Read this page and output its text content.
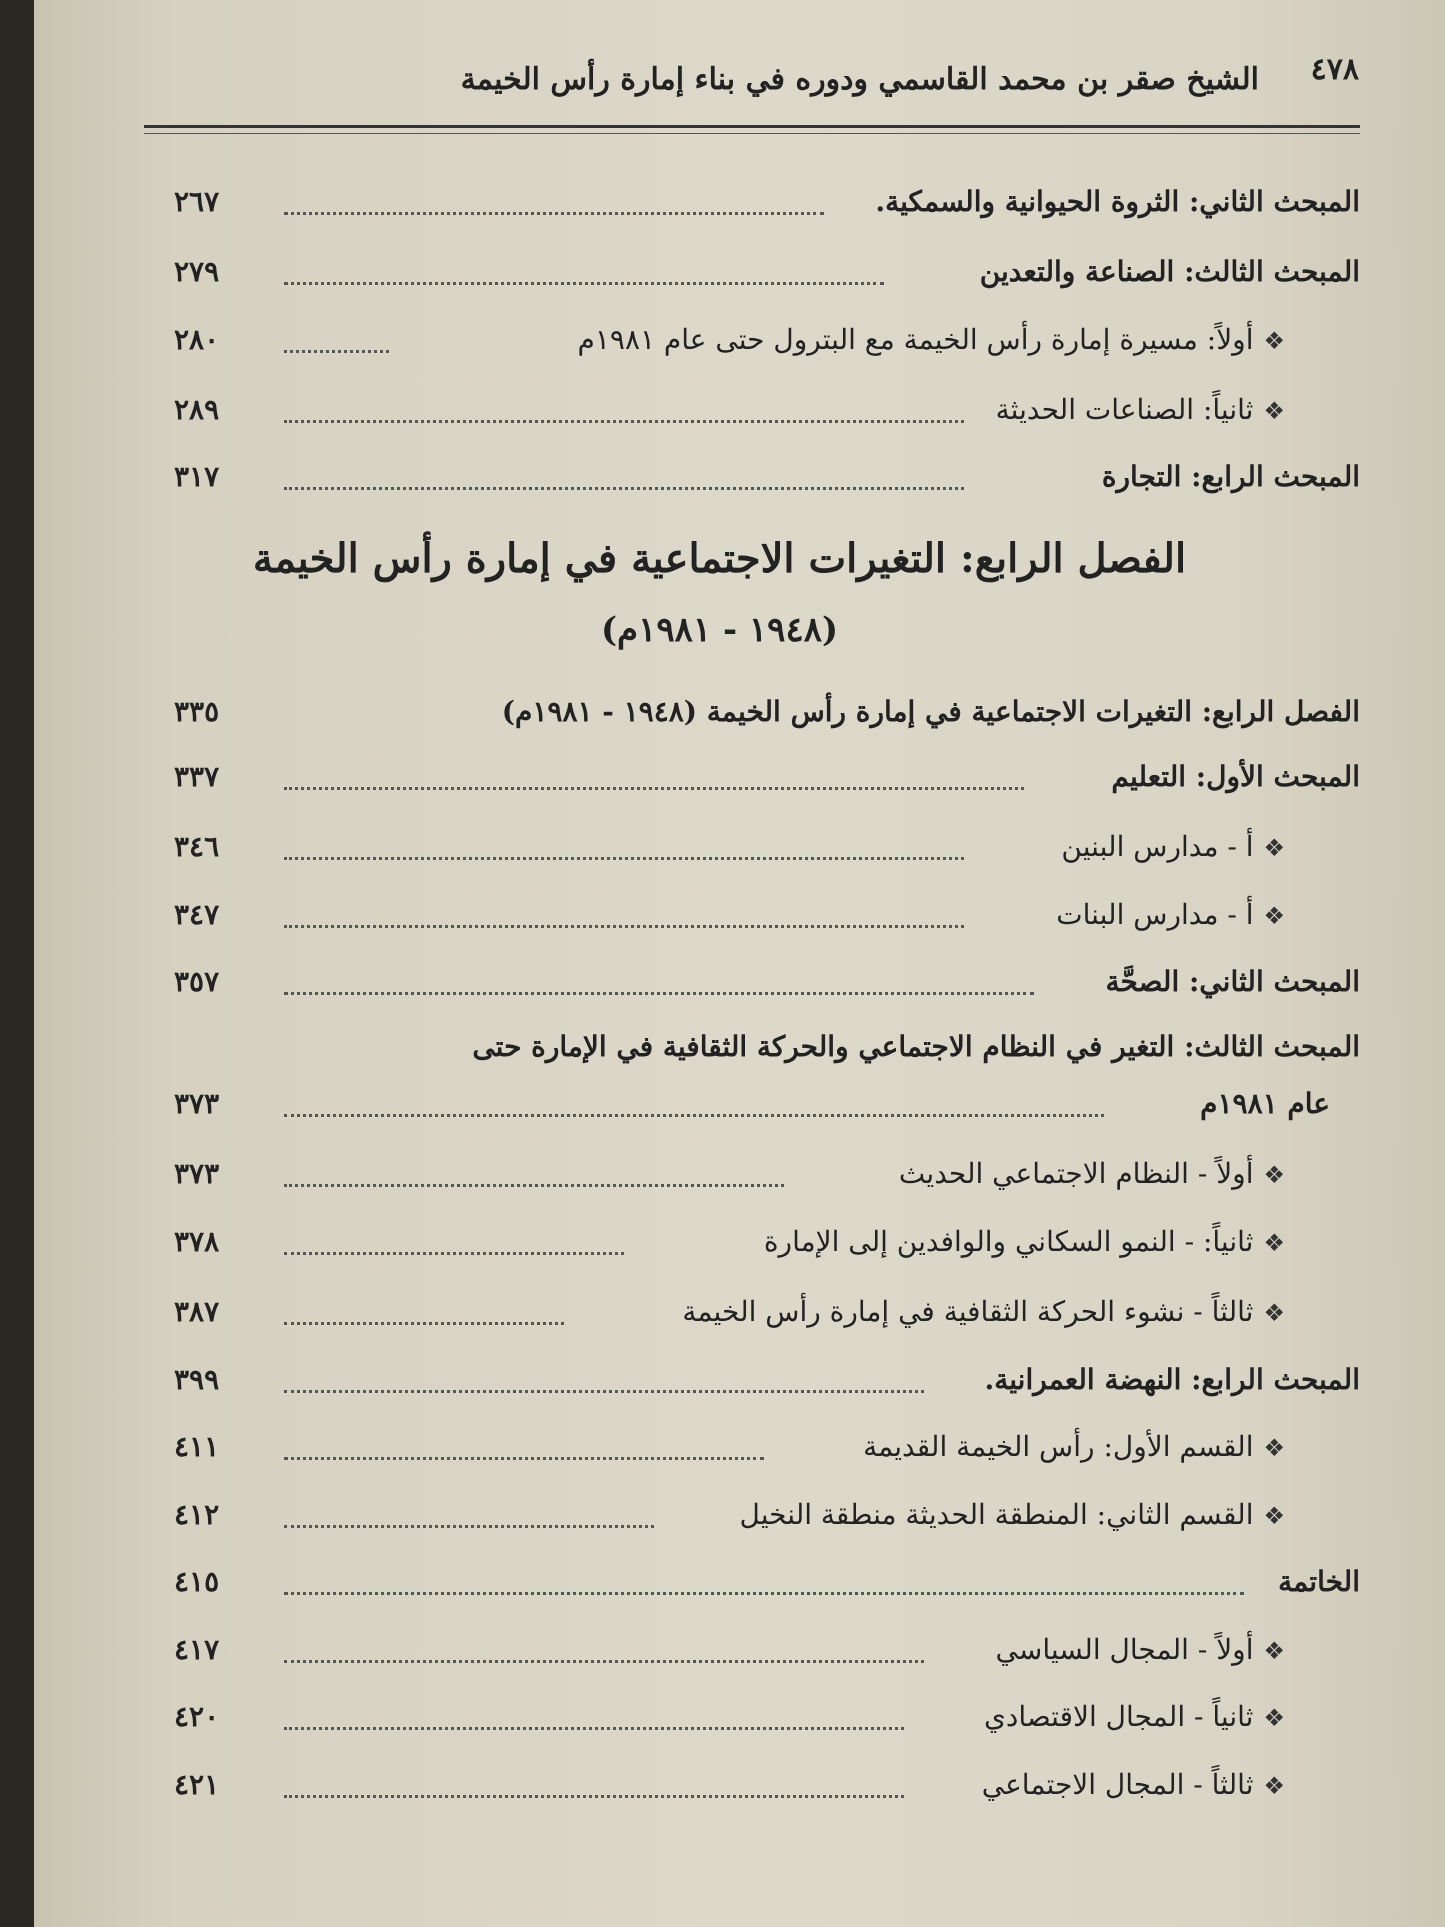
٤٧٨
الشيخ صقر بن محمد القاسمي ودوره في بناء إمارة رأس الخيمة
المبحث الثاني: الثروة الحيوانية والسمكية.
٢٦٧
المبحث الثالث: الصناعة والتعدين
٢٧٩
❖أولاً: مسيرة إمارة رأس الخيمة مع البترول حتى عام ١٩٨١م
٢٨٠
❖ثانياً: الصناعات الحديثة
٢٨٩
المبحث الرابع: التجارة
٣١٧
الفصل الرابع: التغيرات الاجتماعية في إمارة رأس الخيمة
(١٩٤٨ - ١٩٨١م)
الفصل الرابع: التغيرات الاجتماعية في إمارة رأس الخيمة (١٩٤٨ - ١٩٨١م)
٣٣٥
المبحث الأول: التعليم
٣٣٧
❖أ - مدارس البنين
٣٤٦
❖أ - مدارس البنات
٣٤٧
المبحث الثاني: الصحَّة
٣٥٧
المبحث الثالث: التغير في النظام الاجتماعي والحركة الثقافية في الإمارة حتى
عام ١٩٨١م
٣٧٣
❖أولاً - النظام الاجتماعي الحديث
٣٧٣
❖ثانياً: - النمو السكاني والوافدين إلى الإمارة
٣٧٨
❖ثالثاً - نشوء الحركة الثقافية في إمارة رأس الخيمة
٣٨٧
المبحث الرابع: النهضة العمرانية.
٣٩٩
❖القسم الأول: رأس الخيمة القديمة
٤١١
❖القسم الثاني: المنطقة الحديثة منطقة النخيل
٤١٢
الخاتمة
٤١٥
❖أولاً - المجال السياسي
٤١٧
❖ثانياً - المجال الاقتصادي
٤٢٠
❖ثالثاً - المجال الاجتماعي
٤٢١
